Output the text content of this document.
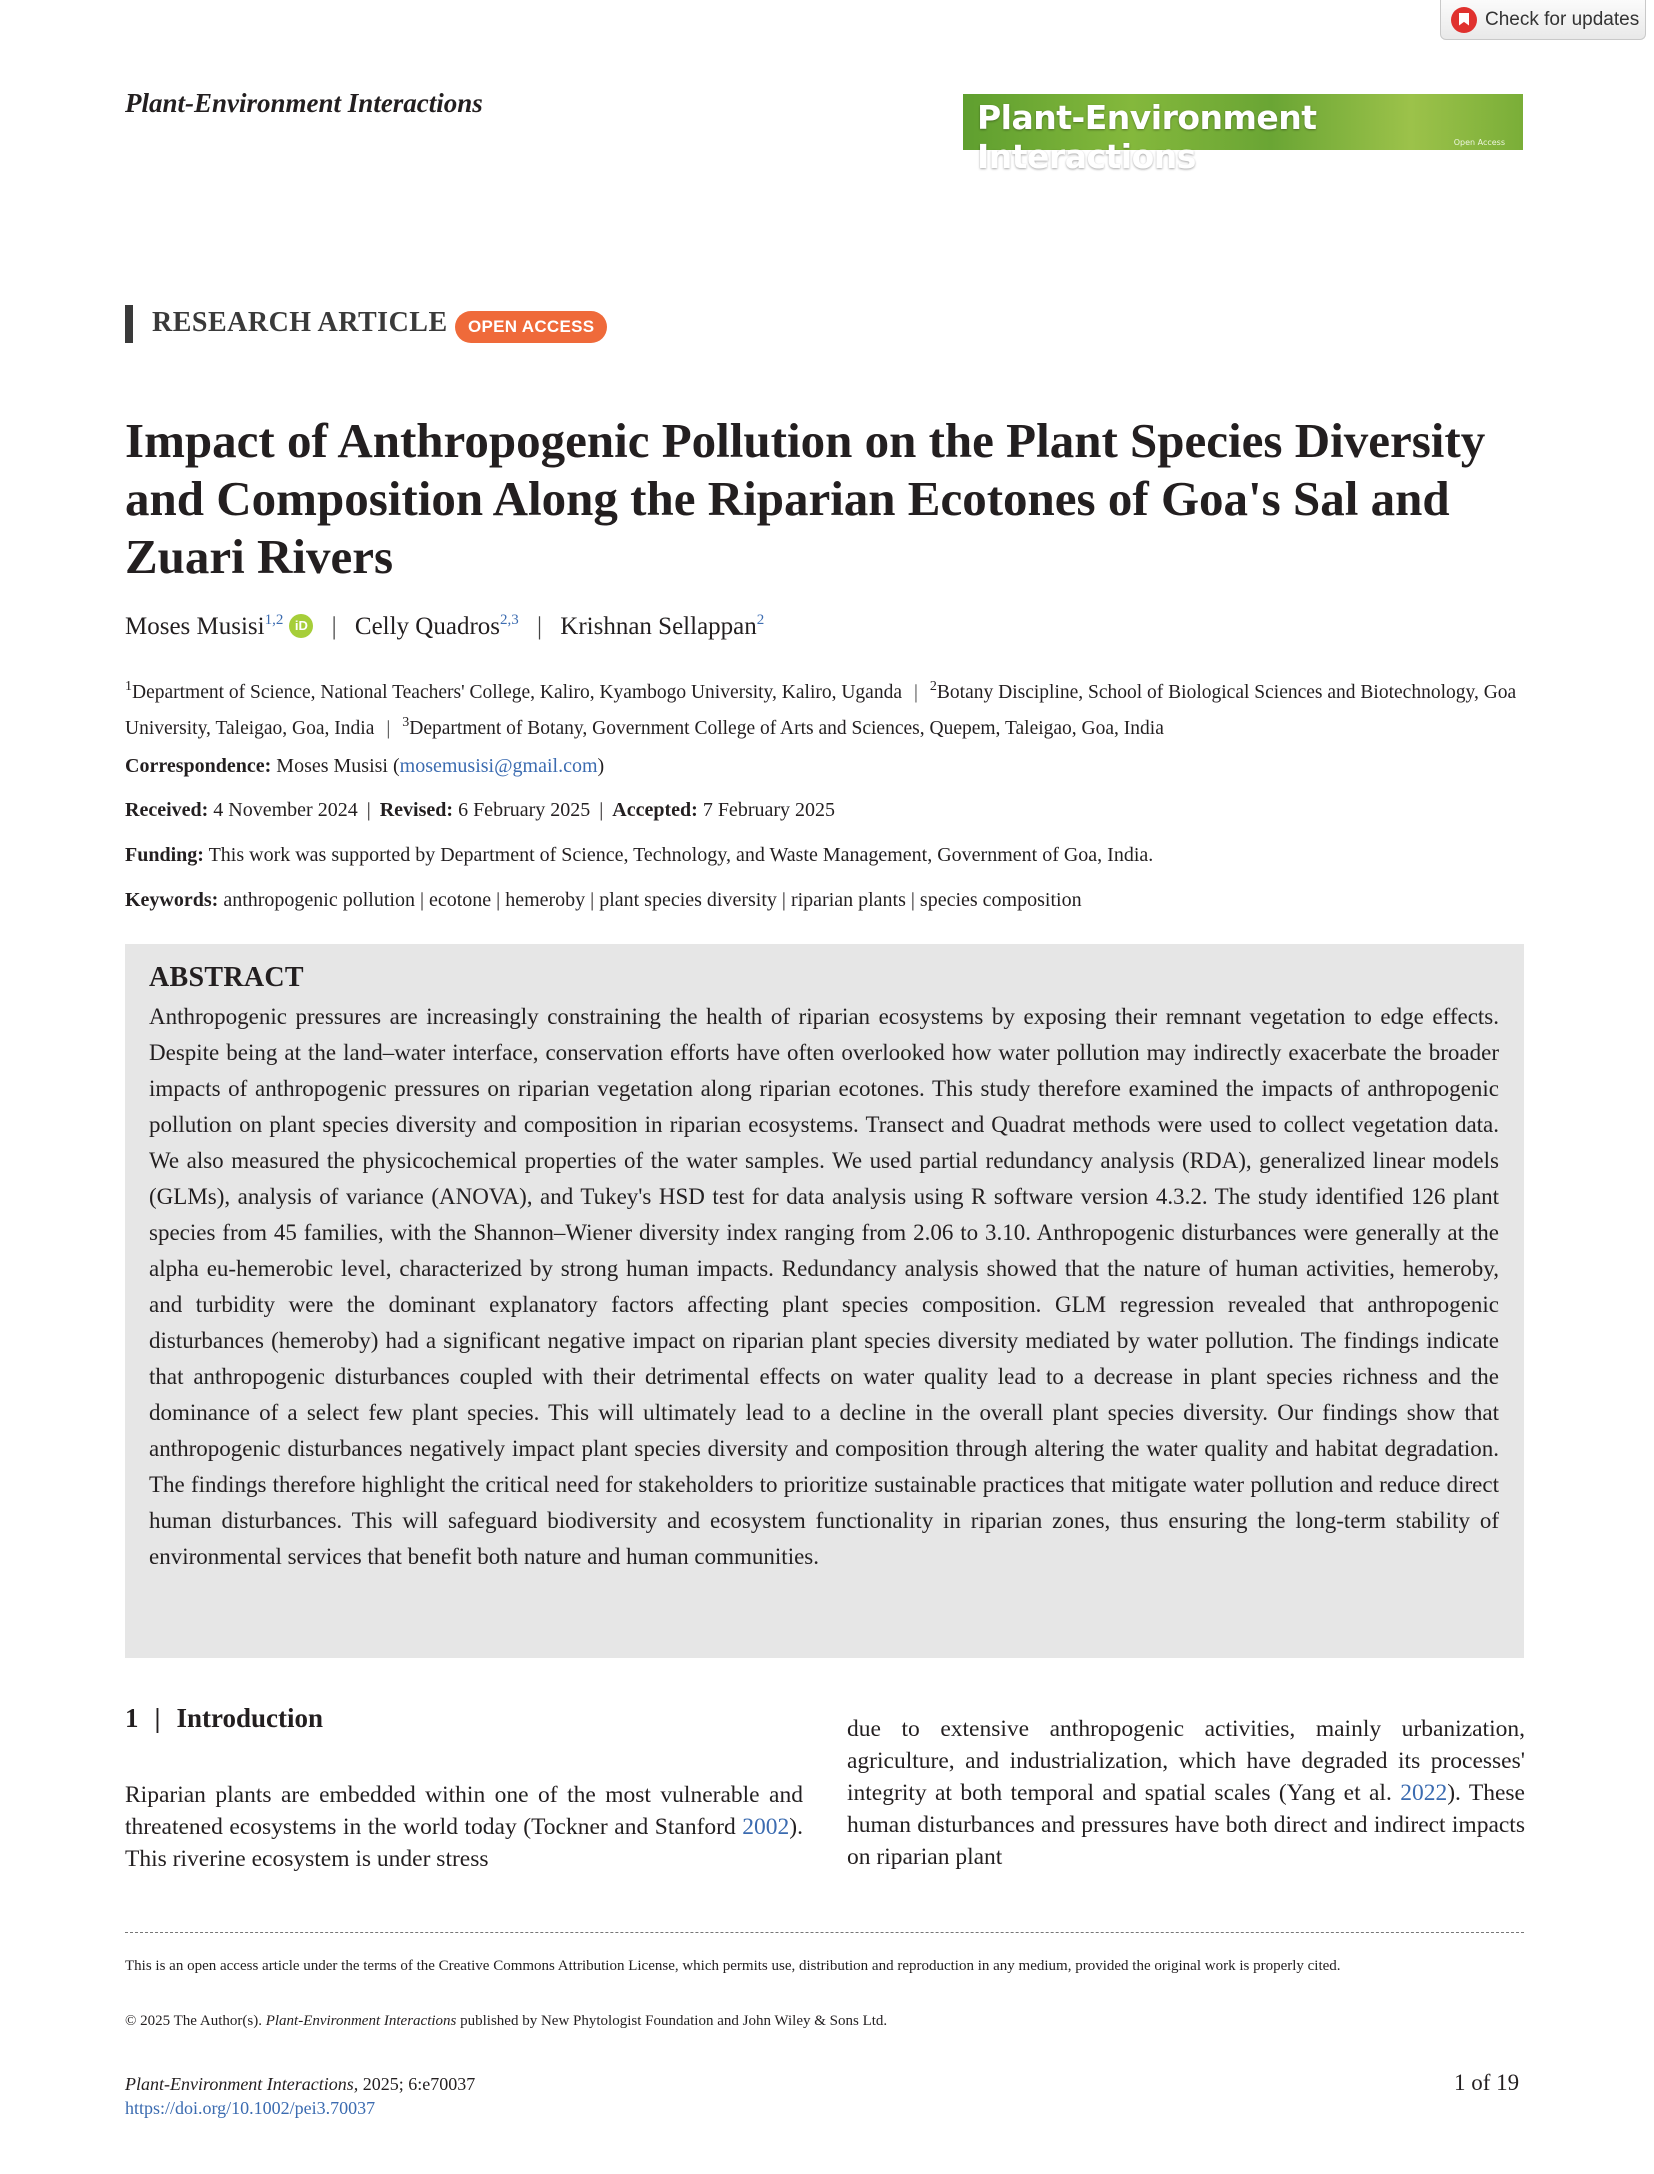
Check for updates
Plant-Environment Interactions	Plant-Environment Interactions	Open Access
RESEARCH ARTICLE	OPEN ACCESS
Impact of Anthropogenic Pollution on the Plant Species Diversity and Composition Along the Riparian Ecotones of Goa's Sal and Zuari Rivers
Moses Musisi$^{1,2}$ iD | Celly Quadros$^{2,3}$ | Krishnan Sellappan$^2$
$^1$Department of Science, National Teachers' College, Kaliro, Kyambogo University, Kaliro, Uganda | $^2$Botany Discipline, School of Biological Sciences and Biotechnology, Goa University, Taleigao, Goa, India | $^3$Department of Botany, Government College of Arts and Sciences, Quepem, Taleigao, Goa, India
Correspondence: Moses Musisi (mosemusisi@gmail.com)
Received: 4 November 2024 | Revised: 6 February 2025 | Accepted: 7 February 2025
Funding: This work was supported by Department of Science, Technology, and Waste Management, Government of Goa, India.
Keywords: anthropogenic pollution | ecotone | hemeroby | plant species diversity | riparian plants | species composition
ABSTRACT
Anthropogenic pressures are increasingly constraining the health of riparian ecosystems by exposing their remnant vegetation to edge effects. Despite being at the land–water interface, conservation efforts have often overlooked how water pollution may indirectly exacerbate the broader impacts of anthropogenic pressures on riparian vegetation along riparian ecotones. This study therefore examined the impacts of anthropogenic pollution on plant species diversity and composition in riparian ecosystems. Transect and Quadrat methods were used to collect vegetation data. We also measured the physicochemical properties of the water samples. We used partial redundancy analysis (RDA), generalized linear models (GLMs), analysis of variance (ANOVA), and Tukey's HSD test for data analysis using R software version 4.3.2. The study identified 126 plant species from 45 families, with the Shannon–Wiener diversity index ranging from 2.06 to 3.10. Anthropogenic disturbances were generally at the alpha eu-hemerobic level, characterized by strong human impacts. Redundancy analysis showed that the nature of human activities, hemeroby, and turbidity were the dominant explanatory factors affecting plant species composition. GLM regression revealed that anthropogenic disturbances (hemeroby) had a significant negative impact on riparian plant species diversity mediated by water pollution. The findings indicate that anthropogenic disturbances coupled with their detrimental effects on water quality lead to a decrease in plant species richness and the dominance of a select few plant species. This will ultimately lead to a decline in the overall plant species diversity. Our findings show that anthropogenic disturbances negatively impact plant species diversity and composition through altering the water quality and habitat degradation. The findings therefore highlight the critical need for stakeholders to prioritize sustainable practices that mitigate water pollution and reduce direct human disturbances. This will safeguard biodiversity and ecosystem functionality in riparian zones, thus ensuring the long-term stability of environmental services that benefit both nature and human communities.
1 | Introduction
Riparian plants are embedded within one of the most vulnerable and threatened ecosystems in the world today (Tockner and Stanford 2002). This riverine ecosystem is under stress
due to extensive anthropogenic activities, mainly urbanization, agriculture, and industrialization, which have degraded its processes' integrity at both temporal and spatial scales (Yang et al. 2022). These human disturbances and pressures have both direct and indirect impacts on riparian plant
This is an open access article under the terms of the Creative Commons Attribution License, which permits use, distribution and reproduction in any medium, provided the original work is properly cited.
© 2025 The Author(s). Plant-Environment Interactions published by New Phytologist Foundation and John Wiley & Sons Ltd.
Plant-Environment Interactions, 2025; 6:e70037
https://doi.org/10.1002/pei3.70037
1 of 19
